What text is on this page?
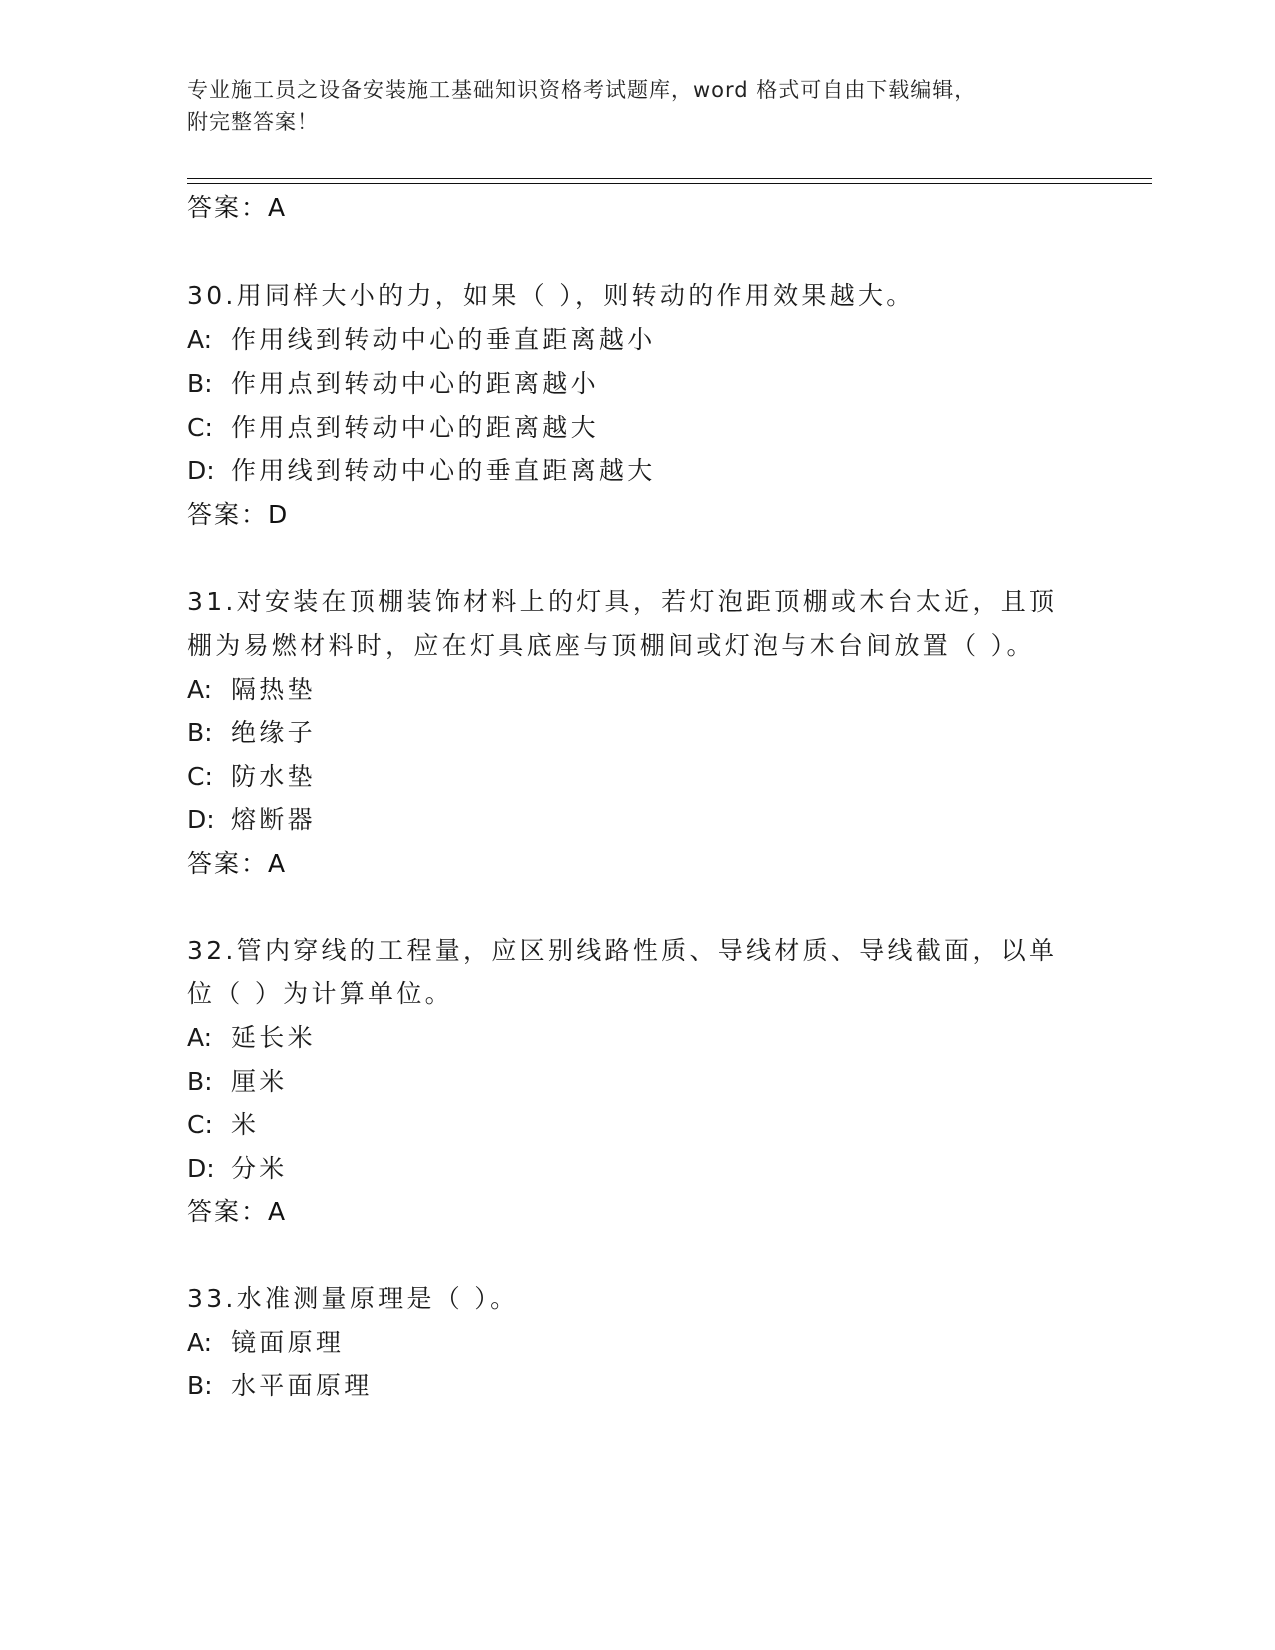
专业施工员之设备安装施工基础知识资格考试题库，word 格式可自由下载编辑，
附完整答案！
答案：A
30.用同样大小的力，如果（ ），则转动的作用效果越大。
A: 作用线到转动中心的垂直距离越小
B: 作用点到转动中心的距离越小
C: 作用点到转动中心的距离越大
D: 作用线到转动中心的垂直距离越大
答案：D
31.对安装在顶棚装饰材料上的灯具，若灯泡距顶棚或木台太近，且顶
棚为易燃材料时，应在灯具底座与顶棚间或灯泡与木台间放置（ ）。
A: 隔热垫
B: 绝缘子
C: 防水垫
D: 熔断器
答案：A
32.管内穿线的工程量，应区别线路性质、导线材质、导线截面，以单
位（ ）为计算单位。
A: 延长米
B: 厘米
C: 米
D: 分米
答案：A
33.水准测量原理是（ ）。
A: 镜面原理
B: 水平面原理
